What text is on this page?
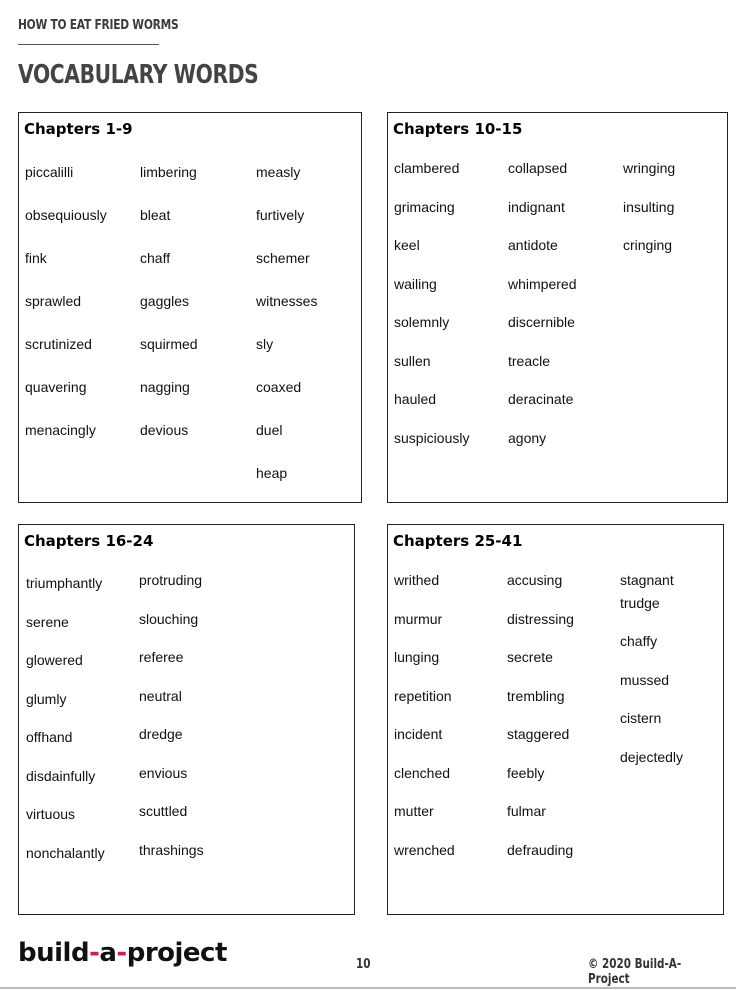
HOW TO EAT FRIED WORMS
VOCABULARY WORDS
Chapters 1-9
piccalilli
obsequiously
fink
sprawled
scrutinized
quavering
menacingly
limbering
bleat
chaff
gaggles
squirmed
nagging
devious
measly
furtively
schemer
witnesses
sly
coaxed
duel
heap
Chapters 10-15
clambered
grimacing
keel
wailing
solemnly
sullen
hauled
suspiciously
collapsed
indignant
antidote
whimpered
discernible
treacle
deracinate
agony
wringing
insulting
cringing
Chapters 16-24
triumphantly
serene
glowered
glumly
offhand
disdainfully
virtuous
nonchalantly
protruding
slouching
referee
neutral
dredge
envious
scuttled
thrashings
Chapters 25-41
writhed
murmur
lunging
repetition
incident
clenched
mutter
wrenched
accusing
distressing
secrete
trembling
staggered
feebly
fulmar
defrauding
stagnant
trudge
chaffy
mussed
cistern
dejectedly
build-a-project	10	© 2020 Build-A-Project
